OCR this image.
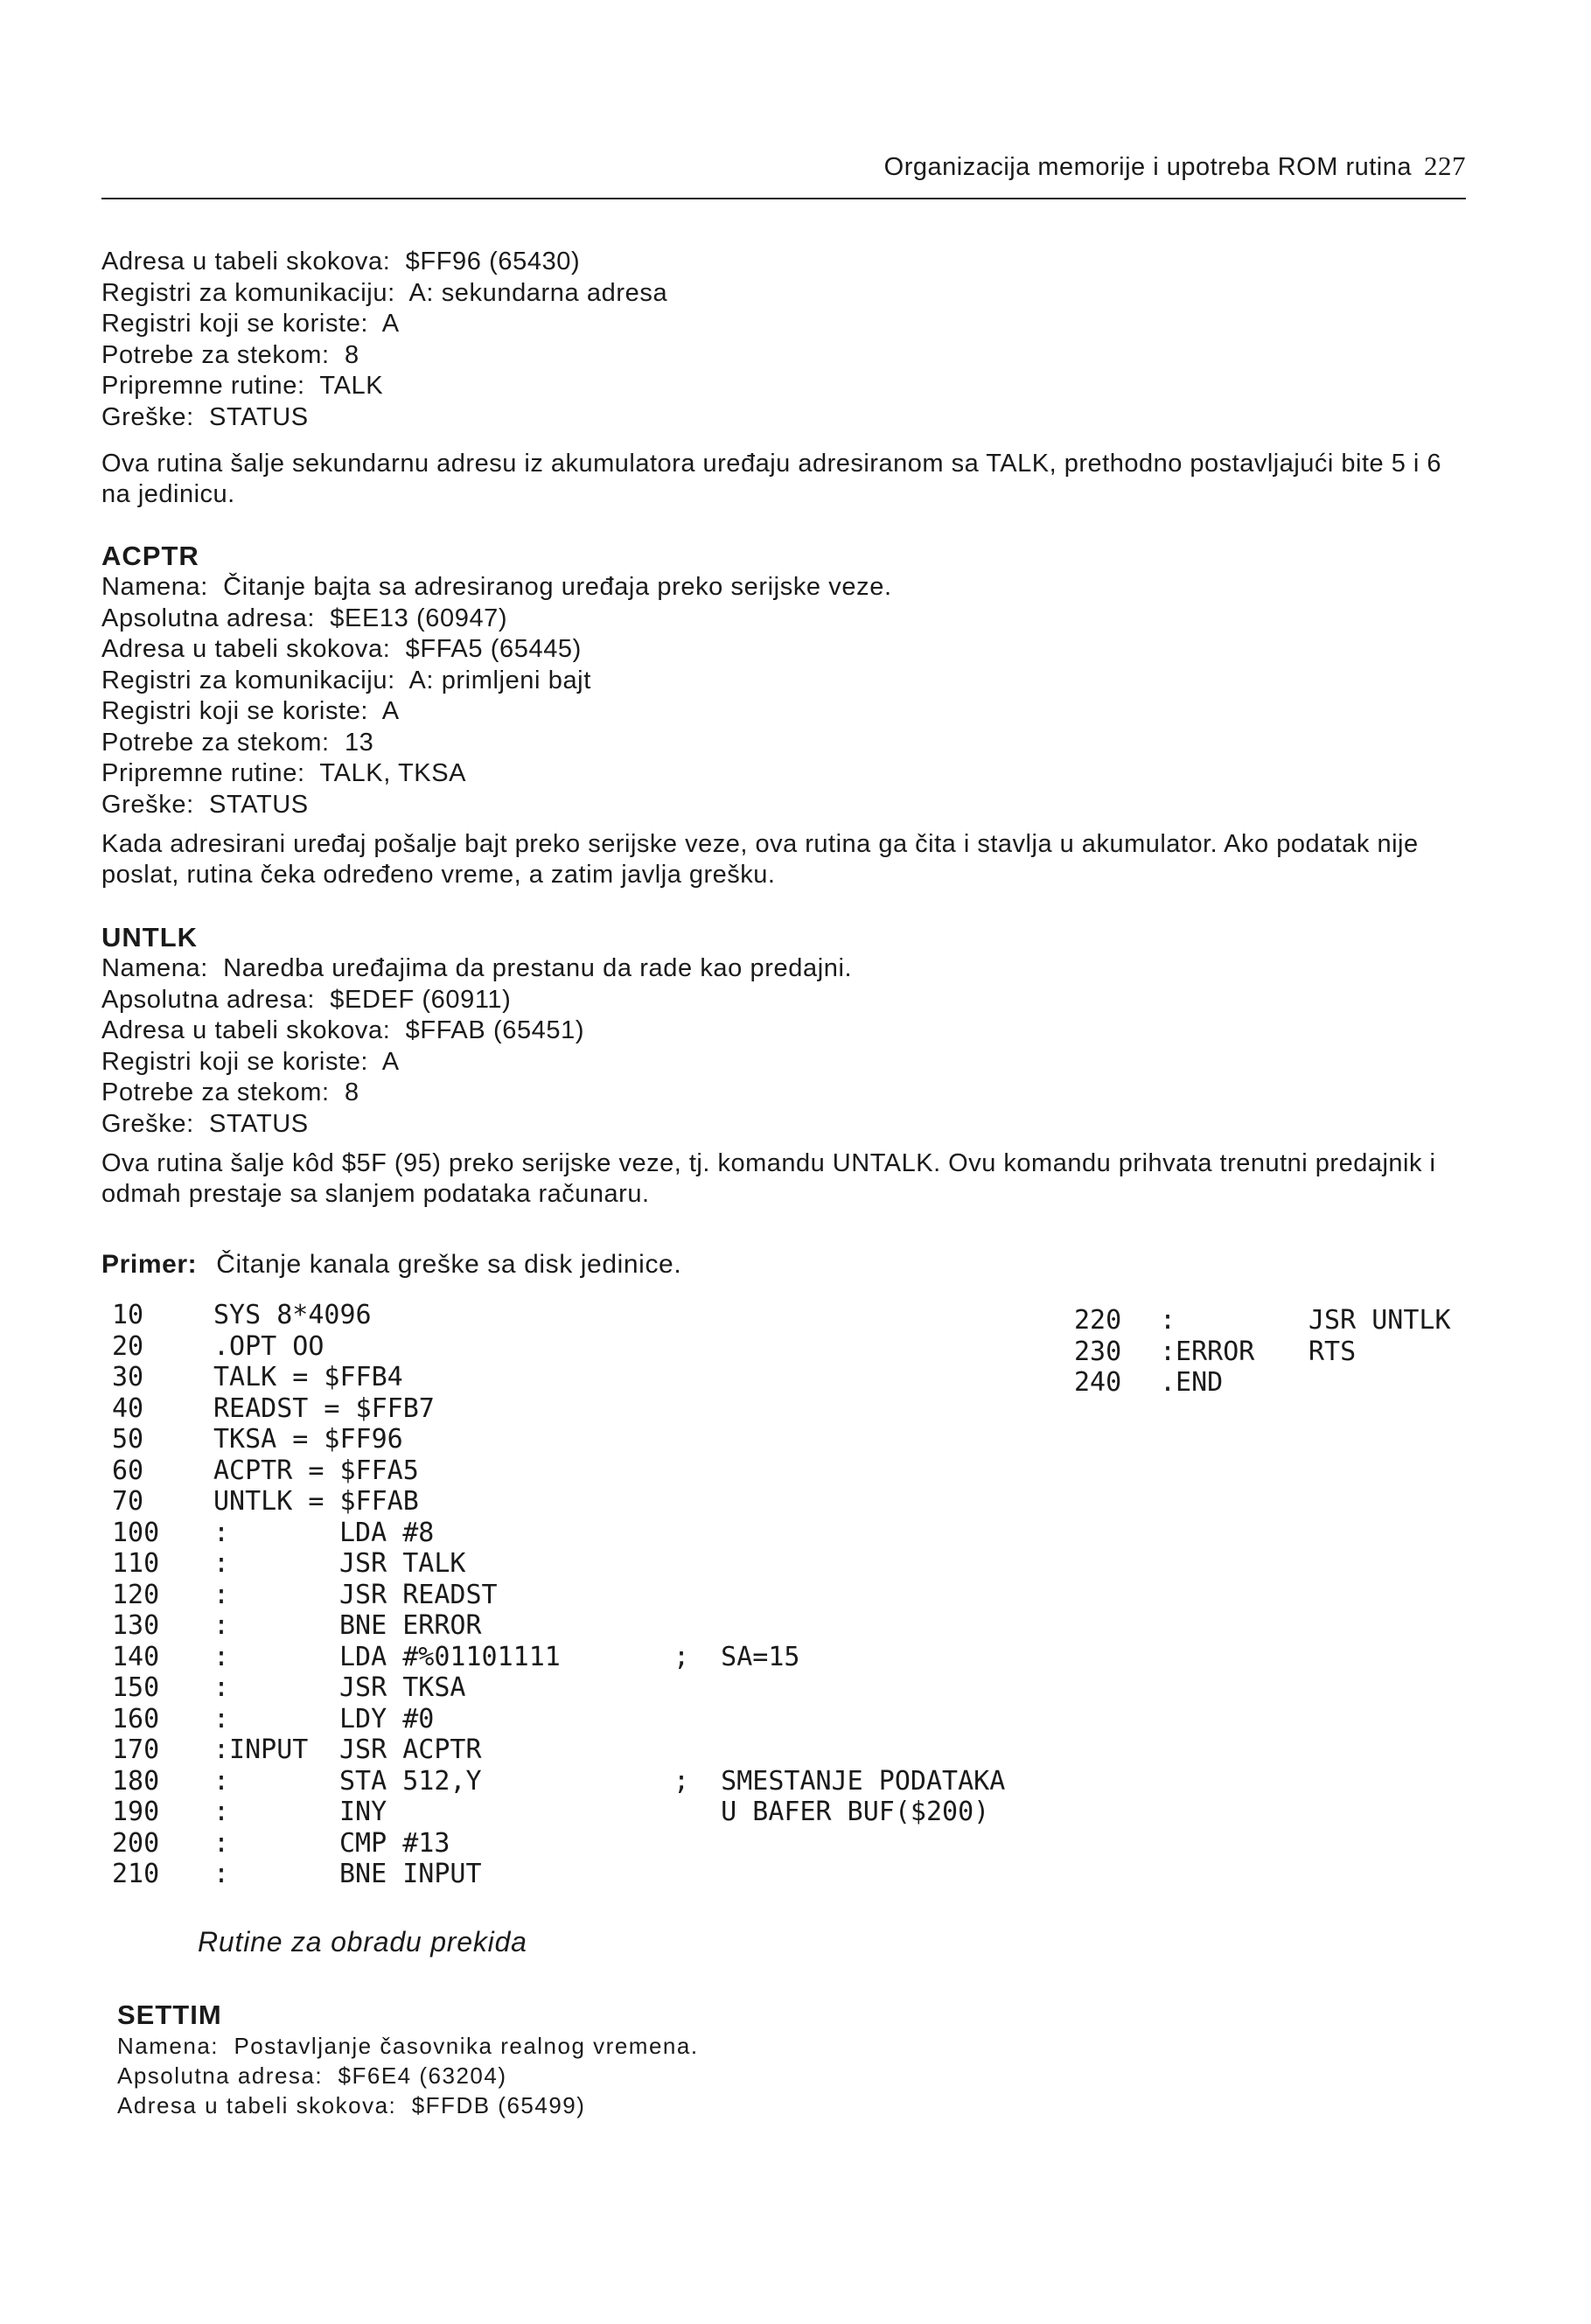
Organizacija memorije i upotreba ROM rutina 227
Adresa u tabeli skokova:  $FF96 (65430)
Registri za komunikaciju:  A: sekundarna adresa
Registri koji se koriste:  A
Potrebe za stekom:  8
Pripremne rutine:  TALK
Greške:  STATUS
Ova rutina šalje sekundarnu adresu iz akumulatora uređaju adresiranom sa TALK, prethodno postavljajući bite 5 i 6 na jedinicu.
ACPTR
Namena:  Čitanje bajta sa adresiranog uređaja preko serijske veze.
Apsolutna adresa:  $EE13 (60947)
Adresa u tabeli skokova:  $FFA5 (65445)
Registri za komunikaciju:  A: primljeni bajt
Registri koji se koriste:  A
Potrebe za stekom:  13
Pripremne rutine:  TALK, TKSA
Greške:  STATUS
Kada adresirani uređaj pošalje bajt preko serijske veze, ova rutina ga čita i stavlja u akumulator. Ako podatak nije poslat, rutina čeka određeno vreme, a zatim javlja grešku.
UNTLK
Namena:  Naredba uređajima da prestanu da rade kao predajni.
Apsolutna adresa:  $EDEF (60911)
Adresa u tabeli skokova:  $FFAB (65451)
Registri koji se koriste:  A
Potrebe za stekom:  8
Greške:  STATUS
Ova rutina šalje kôd $5F (95) preko serijske veze, tj. komandu UNTALK. Ovu komandu prihvata trenutni predajnik i odmah prestaje sa slanjem podataka računaru.
Primer: Čitanje kanala greške sa disk jedinice.
10	SYS 8*4096
20	.OPT OO
30	TALK = $FFB4
40	READST = $FFB7
50	TKSA = $FF96
60	ACPTR = $FFA5
70	UNTLK = $FFAB
100 :	LDA #8
110 :	JSR TALK
120 :	JSR READST
130 :	BNE ERROR
140 :	LDA #%01101111	;  SA=15
150 :	JSR TKSA
160 :	LDY #0
170 :INPUT JSR ACPTR
180 :	STA 512,Y	;  SMESTANJE PODATAKA
190 :	INY	U BAFER BUF($200)
200 :	CMP #13
210 :	BNE INPUT
220 :	JSR UNTLK
230 :ERROR RTS
240 .END
Rutine za obradu prekida
SETTIM
Namena:  Postavljanje časovnika realnog vremena.
Apsolutna adresa:  $F6E4 (63204)
Adresa u tabeli skokova:  $FFDB (65499)
